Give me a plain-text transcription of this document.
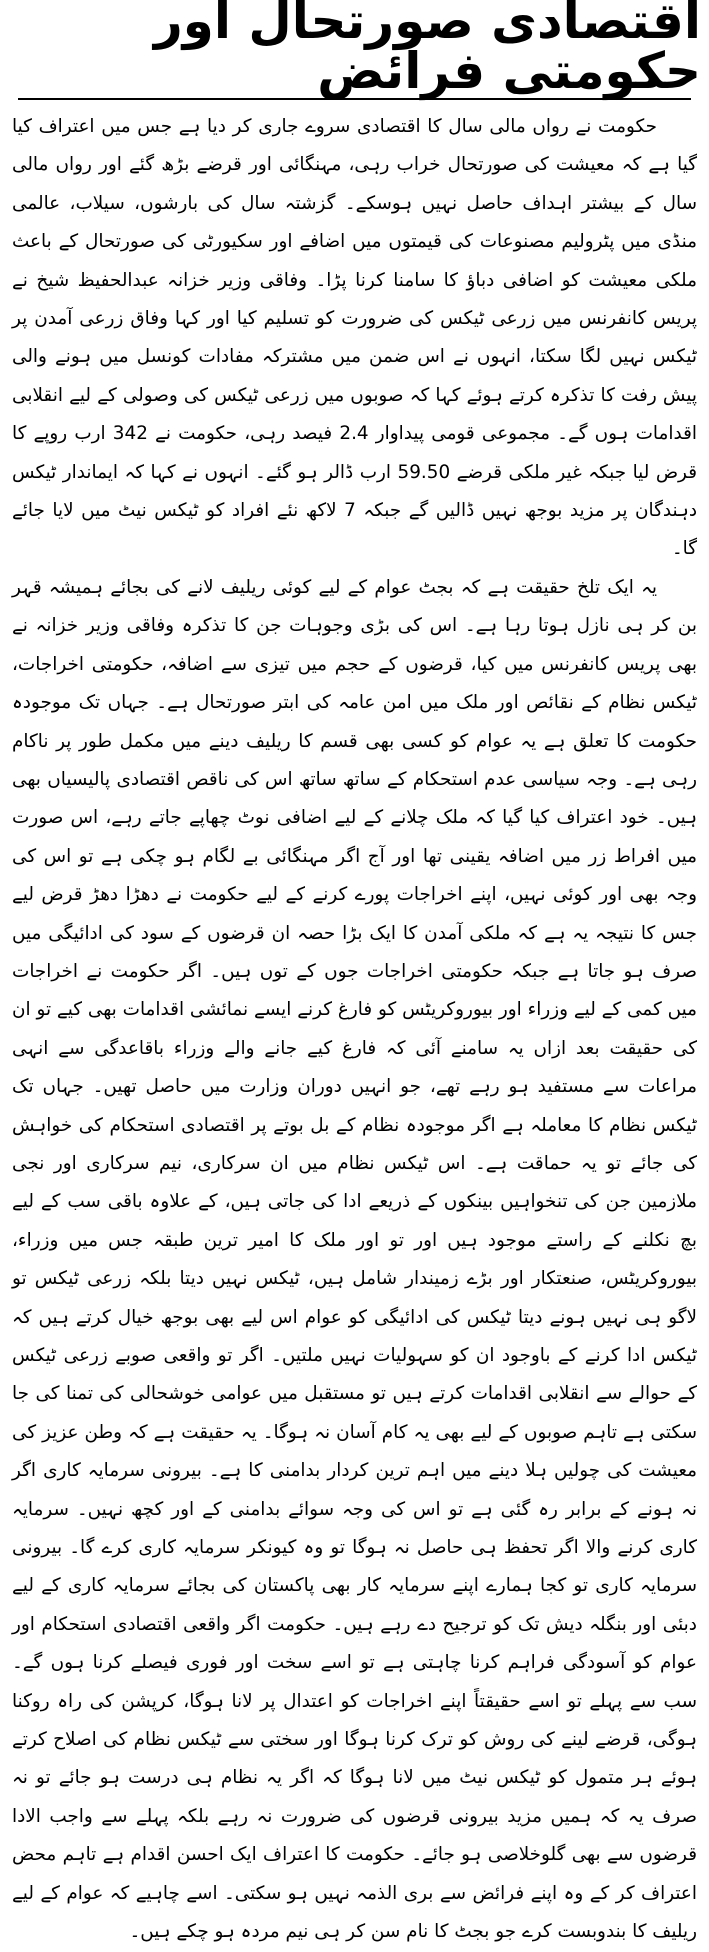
اقتصادی صورتحال اور حکومتی فرائض

حکومت نے رواں مالی سال کا اقتصادی سروے جاری کر دیا ہے جس میں اعتراف کیا گیا ہے کہ معیشت کی صورتحال خراب رہی، مہنگائی اور قرضے بڑھ گئے اور رواں مالی سال کے بیشتر اہداف حاصل نہیں ہوسکے۔ گزشتہ سال کی بارشوں، سیلاب، عالمی منڈی میں پٹرولیم مصنوعات کی قیمتوں میں اضافے اور سکیورٹی کی صورتحال کے باعث ملکی معیشت کو اضافی دباؤ کا سامنا کرنا پڑا۔ وفاقی وزیر خزانہ عبدالحفیظ شیخ نے پریس کانفرنس میں زرعی ٹیکس کی ضرورت کو تسلیم کیا اور کہا وفاق زرعی آمدن پر ٹیکس نہیں لگا سکتا، انہوں نے اس ضمن میں مشترکہ مفادات کونسل میں ہونے والی پیش رفت کا تذکرہ کرتے ہوئے کہا کہ صوبوں میں زرعی ٹیکس کی وصولی کے لیے انقلابی اقدامات ہوں گے۔ مجموعی قومی پیداوار 2.4 فیصد رہی، حکومت نے 342 ارب روپے کا قرض لیا جبکہ غیر ملکی قرضے 59.50 ارب ڈالر ہو گئے۔ انہوں نے کہا کہ ایماندار ٹیکس دہندگان پر مزید بوجھ نہیں ڈالیں گے جبکہ 7 لاکھ نئے افراد کو ٹیکس نیٹ میں لایا جائے گا۔

یہ ایک تلخ حقیقت ہے کہ بجٹ عوام کے لیے کوئی ریلیف لانے کی بجائے ہمیشہ قہر بن کر ہی نازل ہوتا رہا ہے۔ اس کی بڑی وجوہات جن کا تذکرہ وفاقی وزیر خزانہ نے بھی پریس کانفرنس میں کیا، قرضوں کے حجم میں تیزی سے اضافہ، حکومتی اخراجات، ٹیکس نظام کے نقائص اور ملک میں امن عامہ کی ابتر صورتحال ہے۔ جہاں تک موجودہ حکومت کا تعلق ہے یہ عوام کو کسی بھی قسم کا ریلیف دینے میں مکمل طور پر ناکام رہی ہے۔ وجہ سیاسی عدم استحکام کے ساتھ ساتھ اس کی ناقص اقتصادی پالیسیاں بھی ہیں۔ خود اعتراف کیا گیا کہ ملک چلانے کے لیے اضافی نوٹ چھاپے جاتے رہے، اس صورت میں افراط زر میں اضافہ یقینی تھا اور آج اگر مہنگائی بے لگام ہو چکی ہے تو اس کی وجہ بھی اور کوئی نہیں، اپنے اخراجات پورے کرنے کے لیے حکومت نے دھڑا دھڑ قرض لیے جس کا نتیجہ یہ ہے کہ ملکی آمدن کا ایک بڑا حصہ ان قرضوں کے سود کی ادائیگی میں صرف ہو جاتا ہے جبکہ حکومتی اخراجات جوں کے توں ہیں۔ اگر حکومت نے اخراجات میں کمی کے لیے وزراء اور بیوروکریٹس کو فارغ کرنے ایسے نمائشی اقدامات بھی کیے تو ان کی حقیقت بعد ازاں یہ سامنے آئی کہ فارغ کیے جانے والے وزراء باقاعدگی سے انہی مراعات سے مستفید ہو رہے تھے، جو انہیں دوران وزارت میں حاصل تھیں۔ جہاں تک ٹیکس نظام کا معاملہ ہے اگر موجودہ نظام کے بل بوتے پر اقتصادی استحکام کی خواہش کی جائے تو یہ حماقت ہے۔ اس ٹیکس نظام میں ان سرکاری، نیم سرکاری اور نجی ملازمین جن کی تنخواہیں بینکوں کے ذریعے ادا کی جاتی ہیں، کے علاوہ باقی سب کے لیے بچ نکلنے کے راستے موجود ہیں اور تو اور ملک کا امیر ترین طبقہ جس میں وزراء، بیوروکریٹس، صنعتکار اور بڑے زمیندار شامل ہیں، ٹیکس نہیں دیتا بلکہ زرعی ٹیکس تو لاگو ہی نہیں ہونے دیتا ٹیکس کی ادائیگی کو عوام اس لیے بھی بوجھ خیال کرتے ہیں کہ ٹیکس ادا کرنے کے باوجود ان کو سہولیات نہیں ملتیں۔ اگر تو واقعی صوبے زرعی ٹیکس کے حوالے سے انقلابی اقدامات کرتے ہیں تو مستقبل میں عوامی خوشحالی کی تمنا کی جا سکتی ہے تاہم صوبوں کے لیے بھی یہ کام آسان نہ ہوگا۔ یہ حقیقت ہے کہ وطن عزیز کی معیشت کی چولیں ہلا دینے میں اہم ترین کردار بدامنی کا ہے۔ بیرونی سرمایہ کاری اگر نہ ہونے کے برابر رہ گئی ہے تو اس کی وجہ سوائے بدامنی کے اور کچھ نہیں۔ سرمایہ کاری کرنے والا اگر تحفظ ہی حاصل نہ ہوگا تو وہ کیونکر سرمایہ کاری کرے گا۔ بیرونی سرمایہ کاری تو کجا ہمارے اپنے سرمایہ کار بھی پاکستان کی بجائے سرمایہ کاری کے لیے دبئی اور بنگلہ دیش تک کو ترجیح دے رہے ہیں۔ حکومت اگر واقعی اقتصادی استحکام اور عوام کو آسودگی فراہم کرنا چاہتی ہے تو اسے سخت اور فوری فیصلے کرنا ہوں گے۔ سب سے پہلے تو اسے حقیقتاً اپنے اخراجات کو اعتدال پر لانا ہوگا، کرپشن کی راہ روکنا ہوگی، قرضے لینے کی روش کو ترک کرنا ہوگا اور سختی سے ٹیکس نظام کی اصلاح کرتے ہوئے ہر متمول کو ٹیکس نیٹ میں لانا ہوگا کہ اگر یہ نظام ہی درست ہو جائے تو نہ صرف یہ کہ ہمیں مزید بیرونی قرضوں کی ضرورت نہ رہے بلکہ پہلے سے واجب الادا قرضوں سے بھی گلوخلاصی ہو جائے۔ حکومت کا اعتراف ایک احسن اقدام ہے تاہم محض اعتراف کر کے وہ اپنے فرائض سے بری الذمہ نہیں ہو سکتی۔ اسے چاہیے کہ عوام کے لیے ریلیف کا بندوبست کرے جو بجٹ کا نام سن کر ہی نیم مردہ ہو چکے ہیں۔
